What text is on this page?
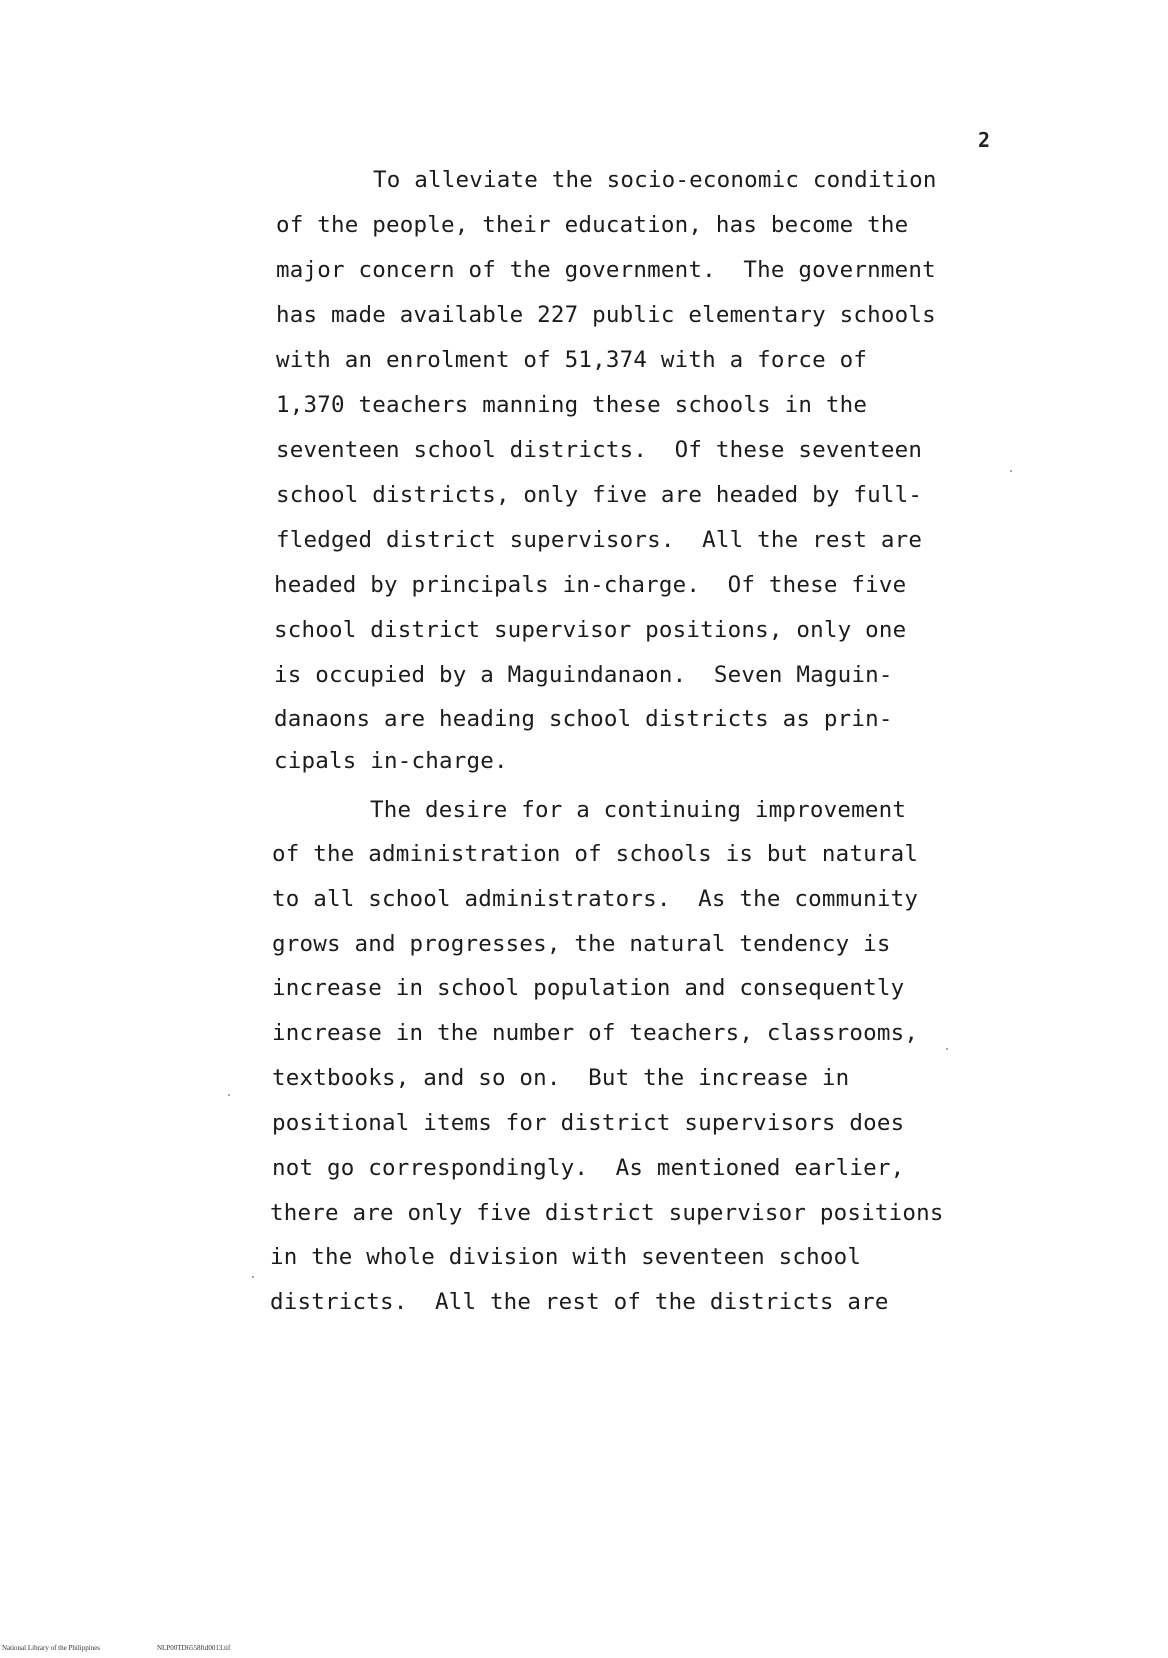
2
To alleviate the socio-economic condition
of the people, their education, has become the
major concern of the government.  The government
has made available 227 public elementary schools
with an enrolment of 51,374 with a force of
1,370 teachers manning these schools in the
seventeen school districts.  Of these seventeen
school districts, only five are headed by full-
fledged district supervisors.  All the rest are
headed by principals in-charge.  Of these five
school district supervisor positions, only one
is occupied by a Maguindanaon.  Seven Maguin-
danaons are heading school districts as prin-
cipals in-charge.
The desire for a continuing improvement
of the administration of schools is but natural
to all school administrators.  As the community
grows and progresses, the natural tendency is
increase in school population and consequently
increase in the number of teachers, classrooms,
textbooks, and so on.  But the increase in
positional items for district supervisors does
not go correspondingly.  As mentioned earlier,
there are only five district supervisor positions
in the whole division with seventeen school
districts.  All the rest of the districts are
National Library of the Philippines	NLP00TD6558ftd0013.tif
